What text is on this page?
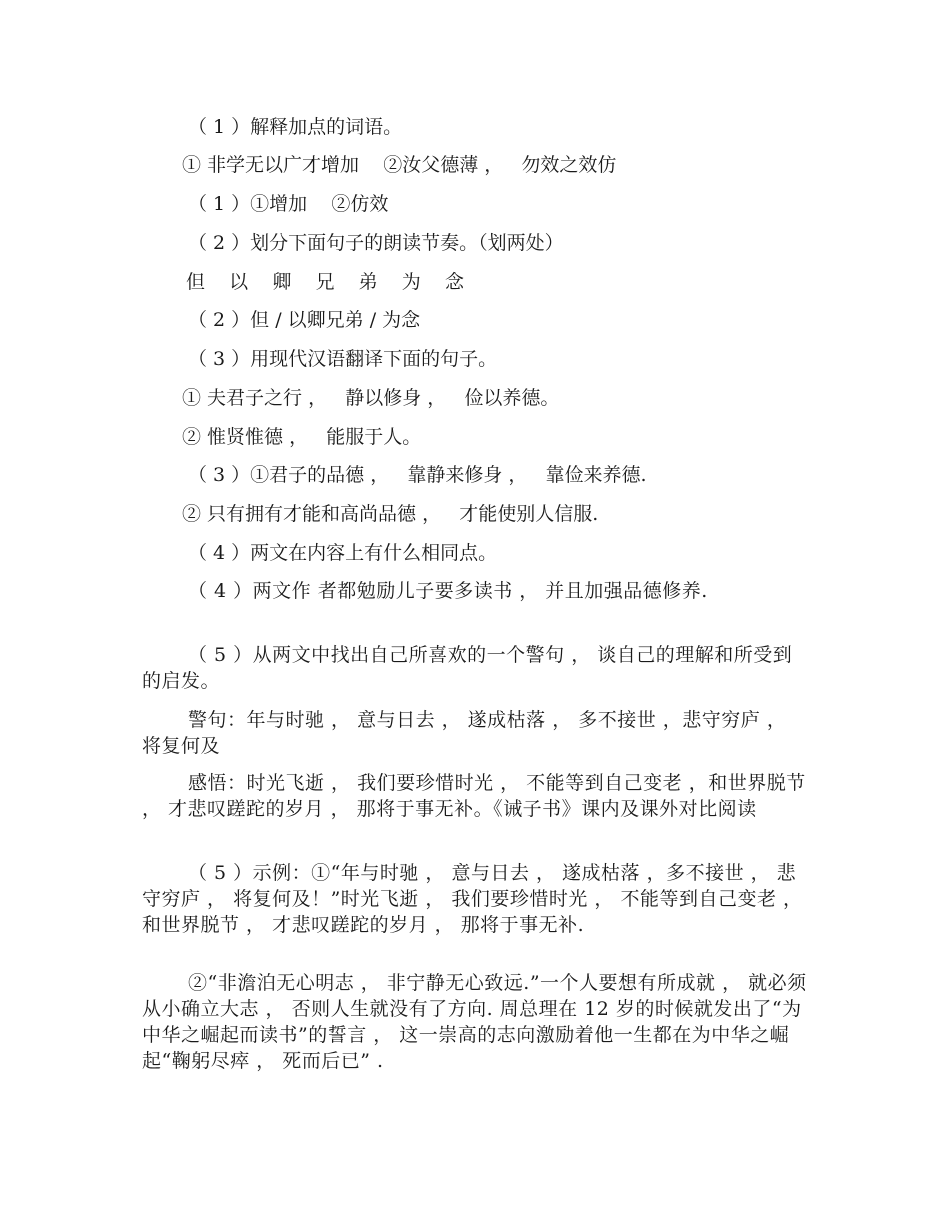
（ 1 ）解释加点的词语。
① 非学无以广才增加    ②汝父德薄 ，   勿效之效仿
（ 1 ）①增加    ②仿效
（ 2 ）划分下面句子的朗读节奏。（划两处）
但    以    卿    兄    弟    为    念
（ 2 ）但 / 以卿兄弟 / 为念
（ 3 ）用现代汉语翻译下面的句子。
① 夫君子之行 ，   静以修身 ，   俭以养德。
② 惟贤惟德 ，   能服于人。
（ 3 ）①君子的品德 ，   靠静来修身 ，   靠俭来养德.
② 只有拥有才能和高尚品德 ，   才能使别人信服.
（ 4 ）两文在内容上有什么相同点。
（ 4 ）两文作 者都勉励儿子要多读书 ， 并且加强品德修养.
（ 5 ）从两文中找出自己所喜欢的一个警句 ， 谈自己的理解和所受到的启发。
警句：年与时驰 ， 意与日去 ， 遂成枯落 ， 多不接世 ，悲守穷庐 ， 将复何及
感悟：时光飞逝 ， 我们要珍惜时光 ， 不能等到自己变老 ，和世界脱节 ， 才悲叹蹉跎的岁月 ， 那将于事无补。《诫子书》课内及课外对比阅读
（ 5 ）示例：①“年与时驰 ， 意与日去 ， 遂成枯落 ，多不接世 ， 悲守穷庐 ， 将复何及！”时光飞逝 ， 我们要珍惜时光 ， 不能等到自己变老 ， 和世界脱节 ， 才悲叹蹉跎的岁月 ， 那将于事无补.
②“非澹泊无心明志 ， 非宁静无心致远.”一个人要想有所成就 ， 就必须从小确立大志 ， 否则人生就没有了方向. 周总理在 12 岁的时候就发出了“为中华之崛起而读书”的誓言 ， 这一崇高的志向激励着他一生都在为中华之崛起“鞠躬尽瘁 ， 死而后已” .
